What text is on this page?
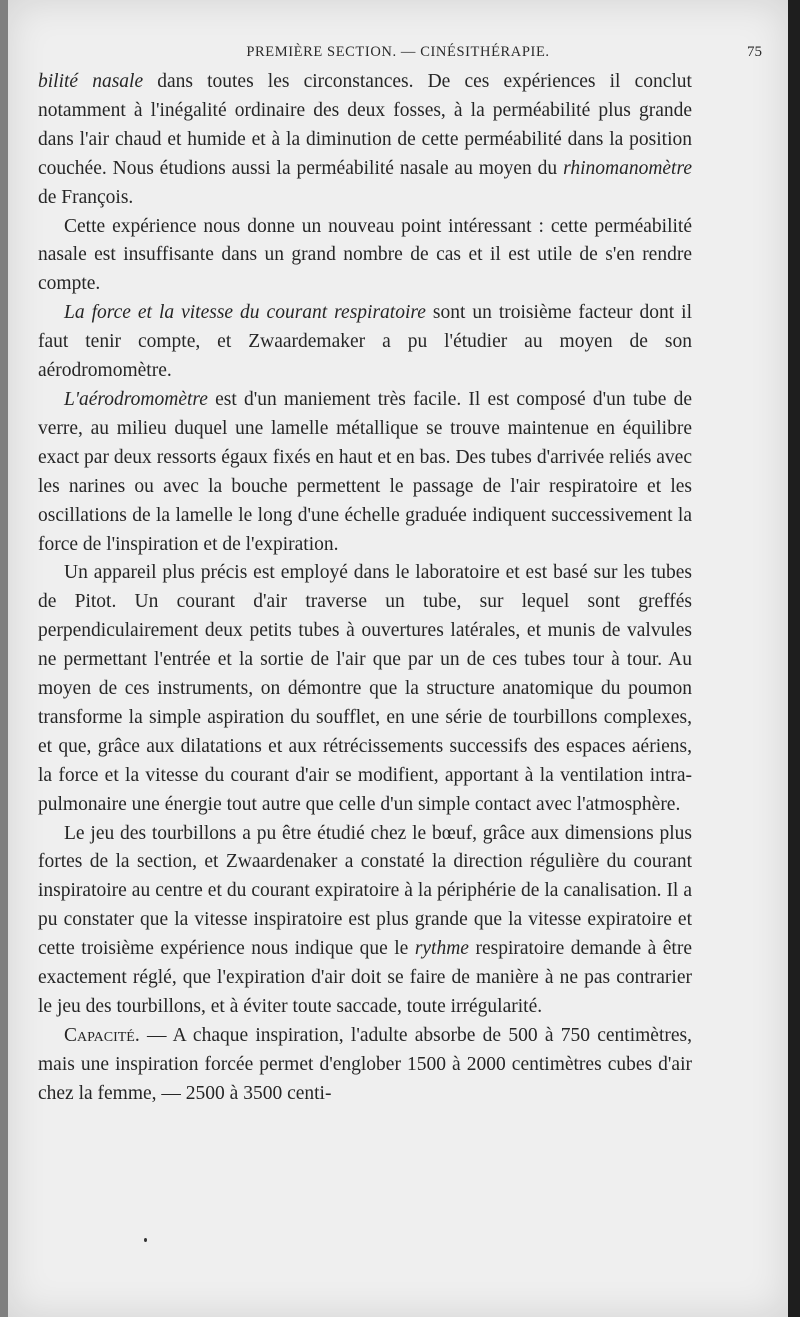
PREMIÈRE SECTION. — CINÉSITHÉRAPIE.	75

bilité nasale dans toutes les circonstances. De ces expériences il conclut notamment à l'inégalité ordinaire des deux fosses, à la perméabilité plus grande dans l'air chaud et humide et à la diminution de cette perméabilité dans la position couchée. Nous étudions aussi la perméabilité nasale au moyen du rhinomanomètre de François.

Cette expérience nous donne un nouveau point intéressant : cette perméabilité nasale est insuffisante dans un grand nombre de cas et il est utile de s'en rendre compte.

La force et la vitesse du courant respiratoire sont un troisième facteur dont il faut tenir compte, et Zwaardemaker a pu l'étudier au moyen de son aérodromomètre.

L'aérodromomètre est d'un maniement très facile. Il est composé d'un tube de verre, au milieu duquel une lamelle métallique se trouve maintenue en équilibre exact par deux ressorts égaux fixés en haut et en bas. Des tubes d'arrivée reliés avec les narines ou avec la bouche permettent le passage de l'air respiratoire et les oscillations de la lamelle le long d'une échelle graduée indiquent successivement la force de l'inspiration et de l'expiration.

Un appareil plus précis est employé dans le laboratoire et est basé sur les tubes de Pitot. Un courant d'air traverse un tube, sur lequel sont greffés perpendiculairement deux petits tubes à ouvertures latérales, et munis de valvules ne permettant l'entrée et la sortie de l'air que par un de ces tubes tour à tour. Au moyen de ces instruments, on démontre que la structure anatomique du poumon transforme la simple aspiration du soufflet, en une série de tourbillons complexes, et que, grâce aux dilatations et aux rétrécissements successifs des espaces aériens, la force et la vitesse du courant d'air se modifient, apportant à la ventilation intra-pulmonaire une énergie tout autre que celle d'un simple contact avec l'atmosphère.

Le jeu des tourbillons a pu être étudié chez le bœuf, grâce aux dimensions plus fortes de la section, et Zwaardenaker a constaté la direction régulière du courant inspiratoire au centre et du courant expiratoire à la périphérie de la canalisation. Il a pu constater que la vitesse inspiratoire est plus grande que la vitesse expiratoire et cette troisième expérience nous indique que le rythme respiratoire demande à être exactement réglé, que l'expiration d'air doit se faire de manière à ne pas contrarier le jeu des tourbillons, et à éviter toute saccade, toute irrégularité.

Capacité. — A chaque inspiration, l'adulte absorbe de 500 à 750 centimètres, mais une inspiration forcée permet d'englober 1500 à 2000 centimètres cubes d'air chez la femme, — 2500 à 3500 centi-
